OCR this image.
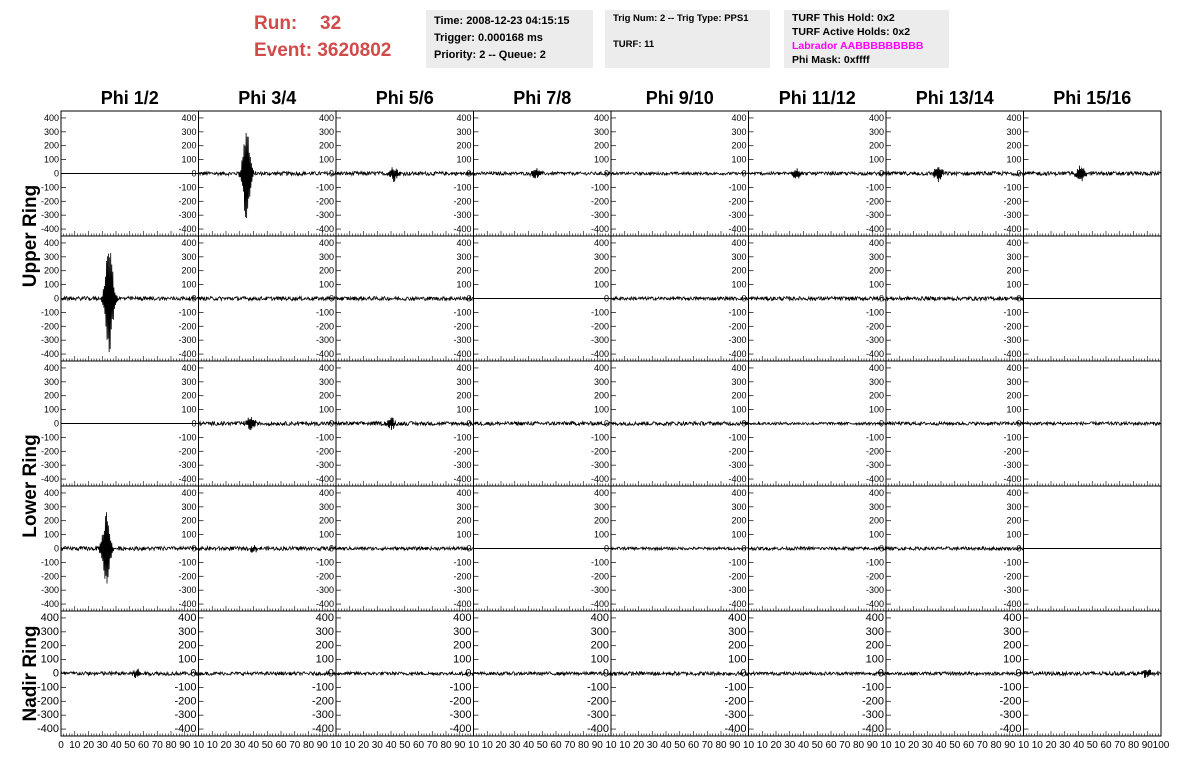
Run: 32
Event: 3620802
Time: 2008-12-23 04:15:15
Trigger: 0.000168 ms
Priority: 2 -- Queue: 2
Trig Num: 2 -- Trig Type: PPS1
TURF: 11
TURF This Hold: 0x2
TURF Active Holds: 0x2
Labrador AABBBBBBBBB
Phi Mask: 0xffff
Phi 1/2	Phi 3/4	Phi 5/6	Phi 7/8	Phi 9/10	Phi 11/12	Phi 13/14	Phi 15/16
Upper Ring
Lower Ring
Nadir Ring
400
300
200
100
0
-100
-200
-300
-400
400
300
200
100
0
-100
-200
-300
-400
400
300
200
100
0
-100
-200
-300
-400
400
300
200
100
0
-100
-200
-300
-400
400
300
200
100
0
-100
-200
-300
-400
400
300
200
100
0
-100
-200
-300
-400
400
300
200
100
0
-100
-200
-300
-400
400
300
200
100
0
-100
-200
-300
-400
400
300
200
100
0
-100
-200
-300
-400
400
300
200
100
0
-100
-200
-300
-400
400
300
200
100
0
-100
-200
-300
-400
400
300
200
100
0
-100
-200
-300
-400
400
300
200
100
0
-100
-200
-300
-400
400
300
200
100
0
-100
-200
-300
-400
400
300
200
100
0
-100
-200
-300
-400
400
300
200
100
0
-100
-200
-300
-400
400
300
200
100
0
-100
-200
-300
-400
400
300
200
100
0
-100
-200
-300
-400
400
300
200
100
0
-100
-200
-300
-400
400
300
200
100
0
-100
-200
-300
-400
400
300
200
100
0
-100
-200
-300
-400
400
300
200
100
0
-100
-200
-300
-400
400
300
200
100
0
-100
-200
-300
-400
400
300
200
100
0
-100
-200
-300
-400
400
300
200
100
0
-100
-200
-300
-400
400
300
200
100
0
-100
-200
-300
-400
400
300
200
100
0
-100
-200
-300
-400
400
300
200
100
0
-100
-200
-300
-400
400
300
200
100
0
-100
-200
-300
-400
400
300
200
100
0
-100
-200
-300
-400
400
300
200
100
0
-100
-200
-300
-400
400
300
200
100
0
-100
-200
-300
-400
400
300
200
100
0
-100
-200
-300
-400
400
300
200
100
0
-100
-200
-300
-400
400
300
200
100
0
-100
-200
-300
-400
400
300
200
100
0
-100
-200
-300
-400
400
300
200
100
0
-100
-200
-300
-400
400
300
200
100
0
-100
-200
-300
-400
400
300
200
100
0
-100
-200
-300
-400
400
300
200
100
0
-100
-200
-300
-400
0 10 20 30 40 50 60 70 80 90 10 10 20 30 40 50 60 70 80 90 10 10 20 30 40 50 60 70 80 90 10 10 20 30 40 50 60 70 80 90 10 10 20 30 40 50 60 70 80 90 10 10 20 30 40 50 60 70 80 90 10 10 20 30 40 50 60 70 80 90 10 10 20 30 40 50 60 70 80 90 100
